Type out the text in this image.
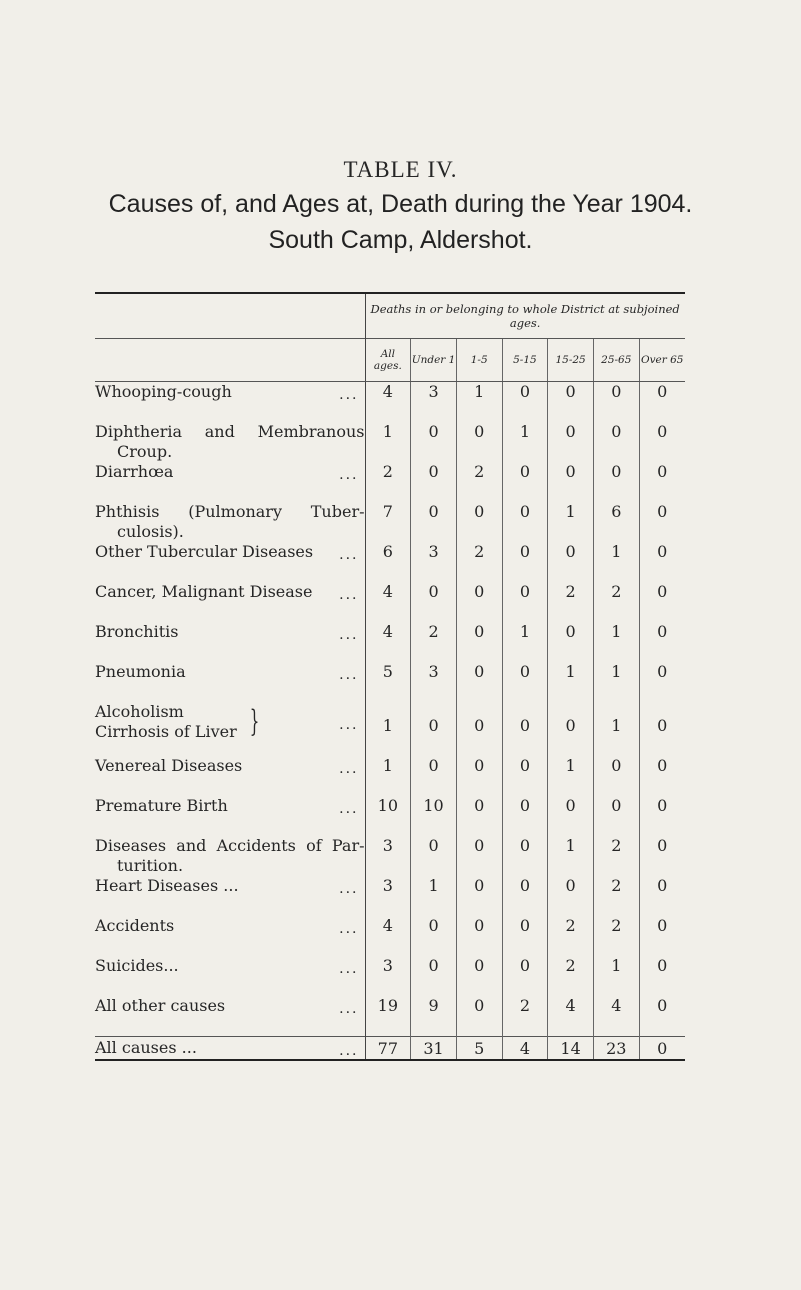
TABLE IV.
Causes of, and Ages at, Death during the Year 1904.
South Camp, Aldershot.

	Deaths in or belonging to whole District at subjoined ages.						
	All ages.	Under 1	1-5	5-15	15-25	25-65	Over 65
Whooping-cough ...	4	3	1	0	0	0	0

Diphtheria and Membranous
Croup.	1	0	0	1	0	0	0
Diarrhœa ...	2	0	2	0	0	0	0

Phthisis (Pulmonary Tuber-
culosis).	7	0	0	0	1	6	0
Other Tubercular Diseases ...	6	3	2	0	0	1	0
Cancer, Malignant Disease ...	4	0	0	0	2	2	0
Bronchitis ...	4	2	0	1	0	1	0
Pneumonia ...	5	3	0	0	1	1	0

Alcoholism
Cirrhosis of Liver } ...	1	0	0	0	0	1	0
Venereal Diseases ...	1	0	0	0	1	0	0
Premature Birth ...	10	10	0	0	0	0	0

Diseases and Accidents of Par-
turition.	3	0	0	0	1	2	0
Heart Diseases ... ...	3	1	0	0	0	2	0
Accidents ...	4	0	0	0	2	2	0
Suicides... ...	3	0	0	0	2	1	0
All other causes ...	19	9	0	2	4	4	0
All causes ... ...	77	31	5	4	14	23	0
